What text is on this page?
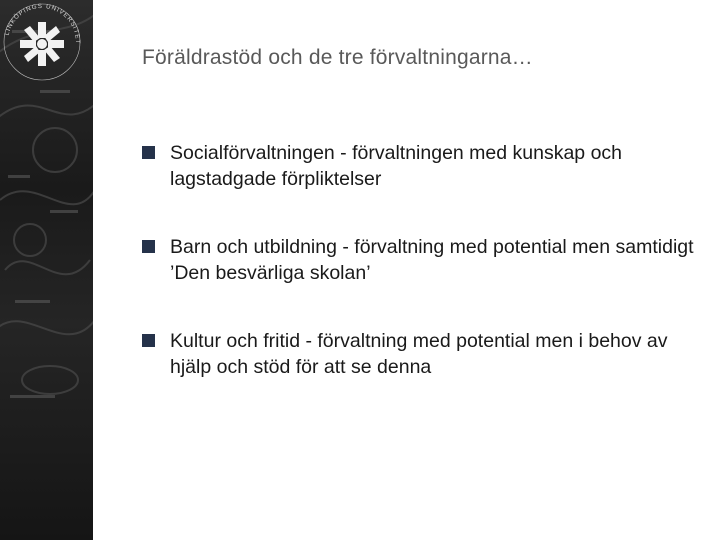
LINKÖPINGS UNIVERSITET
Föräldrastöd och de tre förvaltningarna…
Socialförvaltningen - förvaltningen med kunskap och lagstadgade förpliktelser
Barn och utbildning - förvaltning med potential men samtidigt ’Den besvärliga skolan’
Kultur och fritid - förvaltning med potential men i behov av hjälp och stöd för att se denna
